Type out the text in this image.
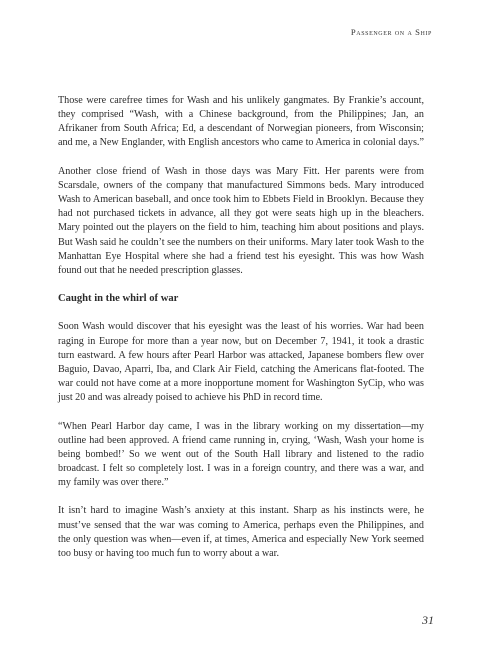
Passenger on a Ship

Those were carefree times for Wash and his unlikely gangmates. By Frankie’s account, they comprised “Wash, with a Chinese background, from the Philippines; Jan, an Afrikaner from South Africa; Ed, a descendant of Norwegian pioneers, from Wisconsin; and me, a New Englander, with English ancestors who came to America in colonial days.”

Another close friend of Wash in those days was Mary Fitt. Her parents were from Scarsdale, owners of the company that manufactured Simmons beds. Mary introduced Wash to American baseball, and once took him to Ebbets Field in Brooklyn. Because they had not purchased tickets in advance, all they got were seats high up in the bleachers. Mary pointed out the players on the field to him, teaching him about positions and plays. But Wash said he couldn’t see the numbers on their uniforms. Mary later took Wash to the Manhattan Eye Hospital where she had a friend test his eyesight. This was how Wash found out that he needed prescription glasses.

Caught in the whirl of war

Soon Wash would discover that his eyesight was the least of his worries. War had been raging in Europe for more than a year now, but on December 7, 1941, it took a drastic turn eastward. A few hours after Pearl Harbor was attacked, Japanese bombers flew over Baguio, Davao, Aparri, Iba, and Clark Air Field, catching the Americans flat-footed. The war could not have come at a more inopportune moment for Washington SyCip, who was just 20 and was already poised to achieve his PhD in record time.

“When Pearl Harbor day came, I was in the library working on my dissertation—my outline had been approved. A friend came running in, crying, ‘Wash, Wash your home is being bombed!’ So we went out of the South Hall library and listened to the radio broadcast. I felt so completely lost. I was in a foreign country, and there was a war, and my family was over there.”

It isn’t hard to imagine Wash’s anxiety at this instant. Sharp as his instincts were, he must’ve sensed that the war was coming to America, perhaps even the Philippines, and the only question was when—even if, at times, America and especially New York seemed too busy or having too much fun to worry about a war.

31
